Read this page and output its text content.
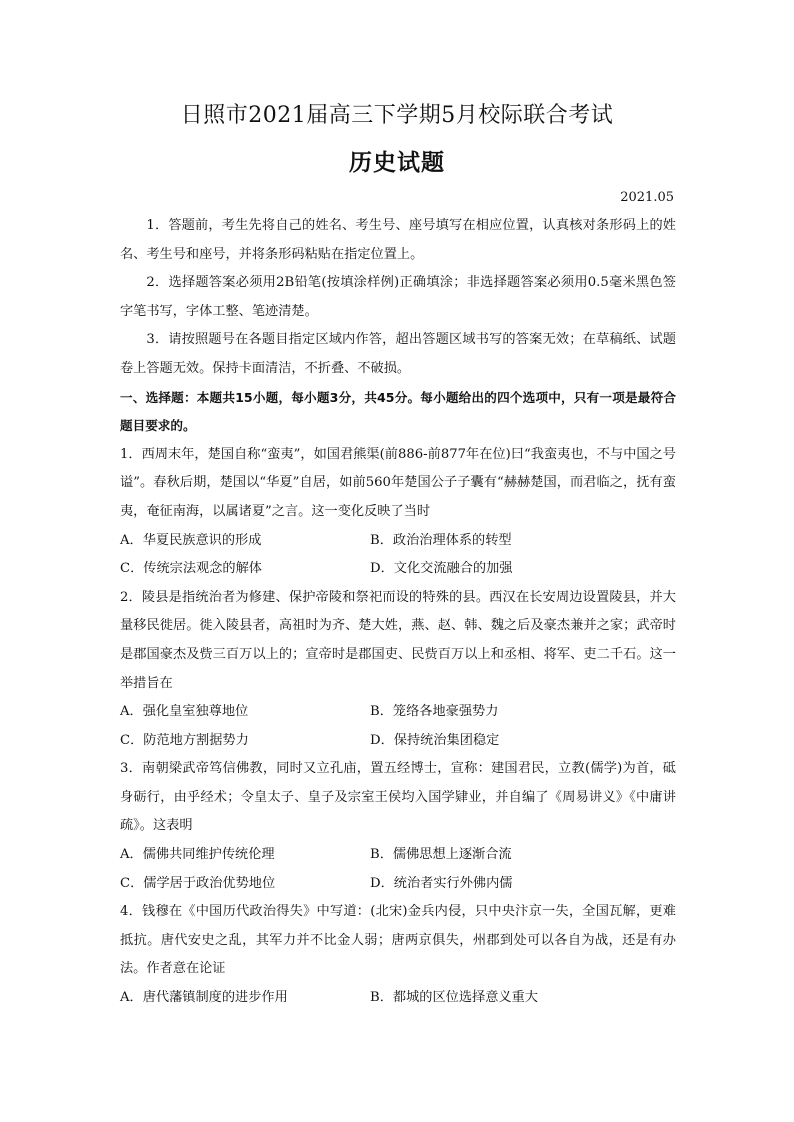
日照市2021届高三下学期5月校际联合考试
历史试题
2021.05

1．答题前，考生先将自己的姓名、考生号、座号填写在相应位置，认真核对条形码上的姓名、考生号和座号，并将条形码粘贴在指定位置上。

2．选择题答案必须用2B铅笔(按填涂样例)正确填涂；非选择题答案必须用0.5毫米黑色签字笔书写，字体工整、笔迹清楚。

3．请按照题号在各题目指定区域内作答，超出答题区域书写的答案无效；在草稿纸、试题卷上答题无效。保持卡面清洁，不折叠、不破损。

一、选择题：本题共15小题，每小题3分，共45分。每小题给出的四个选项中，只有一项是最符合题目要求的。

1．西周末年，楚国自称“蛮夷”，如国君熊渠(前886-前877年在位)曰“我蛮夷也，不与中国之号谥”。春秋后期，楚国以“华夏”自居，如前560年楚国公子子囊有“赫赫楚国，而君临之，抚有蛮夷，奄征南海，以属诸夏”之言。这一变化反映了当时

A．华夏民族意识的形成	B．政治治理体系的转型
C．传统宗法观念的解体	D．文化交流融合的加强

2．陵县是指统治者为修建、保护帝陵和祭祀而设的特殊的县。西汉在长安周边设置陵县，并大量移民徙居。徙入陵县者，高祖时为齐、楚大姓，燕、赵、韩、魏之后及豪杰兼并之家；武帝时是郡国豪杰及赀三百万以上的；宣帝时是郡国吏、民赀百万以上和丞相、将军、吏二千石。这一举措旨在

A．强化皇室独尊地位	B．笼络各地豪强势力
C．防范地方割据势力	D．保持统治集团稳定

3．南朝梁武帝笃信佛教，同时又立孔庙，置五经博士，宣称：建国君民，立教(儒学)为首，砥身砺行，由乎经术；令皇太子、皇子及宗室王侯均入国学肄业，并自编了《周易讲义》《中庸讲疏》。这表明

A．儒佛共同维护传统伦理	B．儒佛思想上逐渐合流
C．儒学居于政治优势地位	D．统治者实行外佛内儒

4．钱穆在《中国历代政治得失》中写道：(北宋)金兵内侵，只中央汴京一失，全国瓦解，更难抵抗。唐代安史之乱，其军力并不比金人弱；唐两京俱失，州郡到处可以各自为战，还是有办法。作者意在论证

A．唐代藩镇制度的进步作用	B．都城的区位选择意义重大
